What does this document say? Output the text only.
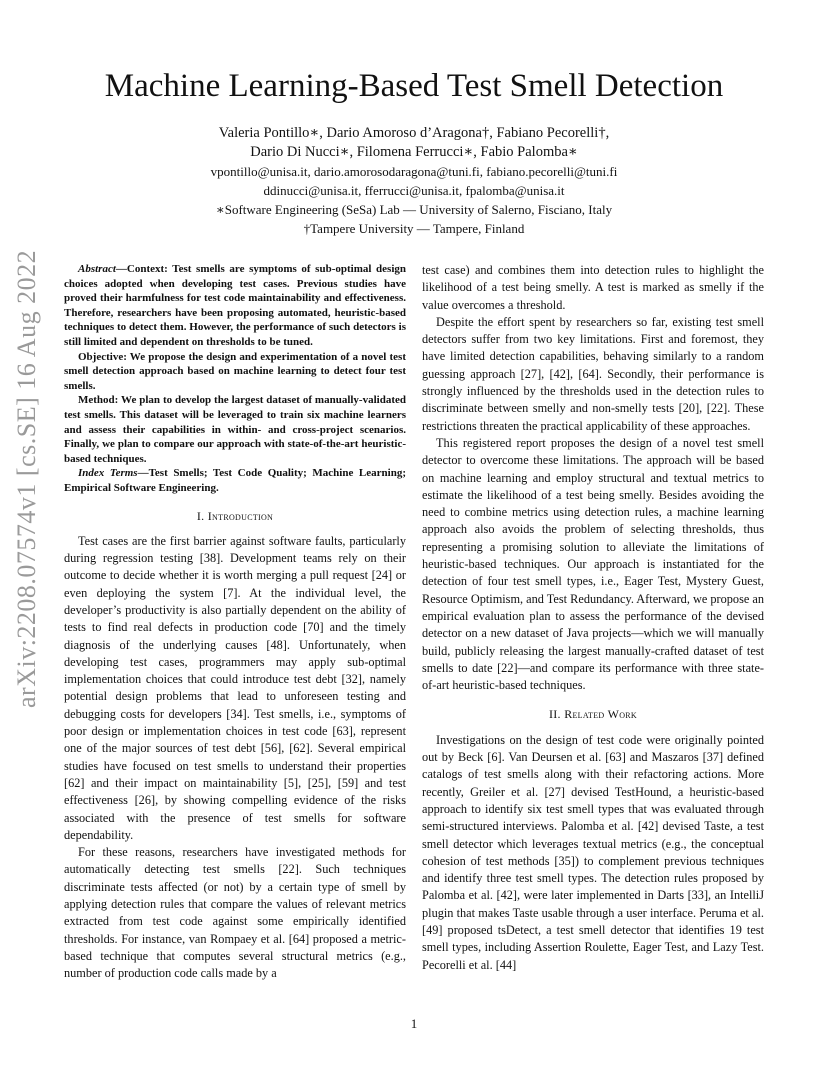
Machine Learning-Based Test Smell Detection
Valeria Pontillo∗, Dario Amoroso d’Aragona†, Fabiano Pecorelli†,
Dario Di Nucci∗, Filomena Ferrucci∗, Fabio Palomba∗
vpontillo@unisa.it, dario.amorosodaragona@tuni.fi, fabiano.pecorelli@tuni.fi
ddinucci@unisa.it, fferrucci@unisa.it, fpalomba@unisa.it
∗Software Engineering (SeSa) Lab — University of Salerno, Fisciano, Italy
†Tampere University — Tampere, Finland
arXiv:2208.07574v1 [cs.SE] 16 Aug 2022	Abstract—Context: Test smells are symptoms of sub-optimal design choices adopted when developing test cases. Previous studies have proved their harmfulness for test code maintainability and effectiveness. Therefore, researchers have been proposing automated, heuristic-based techniques to detect them. However, the performance of such detectors is still limited and dependent on thresholds to be tuned.

Objective: We propose the design and experimentation of a novel test smell detection approach based on machine learning to detect four test smells.

Method: We plan to develop the largest dataset of manually-validated test smells. This dataset will be leveraged to train six machine learners and assess their capabilities in within- and cross-project scenarios. Finally, we plan to compare our approach with state-of-the-art heuristic-based techniques.

Index Terms—Test Smells; Test Code Quality; Machine Learning; Empirical Software Engineering.

I. Introduction

Test cases are the first barrier against software faults, particularly during regression testing [38]. Development teams rely on their outcome to decide whether it is worth merging a pull request [24] or even deploying the system [7]. At the individual level, the developer’s productivity is also partially dependent on the ability of tests to find real defects in production code [70] and the timely diagnosis of the underlying causes [48]. Unfortunately, when developing test cases, programmers may apply sub-optimal implementation choices that could introduce test debt [32], namely potential design problems that lead to unforeseen testing and debugging costs for developers [34]. Test smells, i.e., symptoms of poor design or implementation choices in test code [63], represent one of the major sources of test debt [56], [62]. Several empirical studies have focused on test smells to understand their properties [62] and their impact on maintainability [5], [25], [59] and test effectiveness [26], by showing compelling evidence of the risks associated with the presence of test smells for software dependability.

For these reasons, researchers have investigated methods for automatically detecting test smells [22]. Such techniques discriminate tests affected (or not) by a certain type of smell by applying detection rules that compare the values of relevant metrics extracted from test code against some empirically identified thresholds. For instance, van Rompaey et al. [64] proposed a metric-based technique that computes several structural metrics (e.g., number of production code calls made by a

test case) and combines them into detection rules to highlight the likelihood of a test being smelly. A test is marked as smelly if the value overcomes a threshold.

Despite the effort spent by researchers so far, existing test smell detectors suffer from two key limitations. First and foremost, they have limited detection capabilities, behaving similarly to a random guessing approach [27], [42], [64]. Secondly, their performance is strongly influenced by the thresholds used in the detection rules to discriminate between smelly and non-smelly tests [20], [22]. These restrictions threaten the practical applicability of these approaches.

This registered report proposes the design of a novel test smell detector to overcome these limitations. The approach will be based on machine learning and employ structural and textual metrics to estimate the likelihood of a test being smelly. Besides avoiding the need to combine metrics using detection rules, a machine learning approach also avoids the problem of selecting thresholds, thus representing a promising solution to alleviate the limitations of heuristic-based techniques. Our approach is instantiated for the detection of four test smell types, i.e., Eager Test, Mystery Guest, Resource Optimism, and Test Redundancy. Afterward, we propose an empirical evaluation plan to assess the performance of the devised detector on a new dataset of Java projects—which we will manually build, publicly releasing the largest manually-crafted dataset of test smells to date [22]—and compare its performance with three state-of-art heuristic-based techniques.

II. Related Work

Investigations on the design of test code were originally pointed out by Beck [6]. Van Deursen et al. [63] and Maszaros [37] defined catalogs of test smells along with their refactoring actions. More recently, Greiler et al. [27] devised TestHound, a heuristic-based approach to identify six test smell types that was evaluated through semi-structured interviews. Palomba et al. [42] devised Taste, a test smell detector which leverages textual metrics (e.g., the conceptual cohesion of test methods [35]) to complement previous techniques and identify three test smell types. The detection rules proposed by Palomba et al. [42], were later implemented in Darts [33], an IntelliJ plugin that makes Taste usable through a user interface. Peruma et al. [49] proposed tsDetect, a test smell detector that identifies 19 test smell types, including Assertion Roulette, Eager Test, and Lazy Test. Pecorelli et al. [44]

1
